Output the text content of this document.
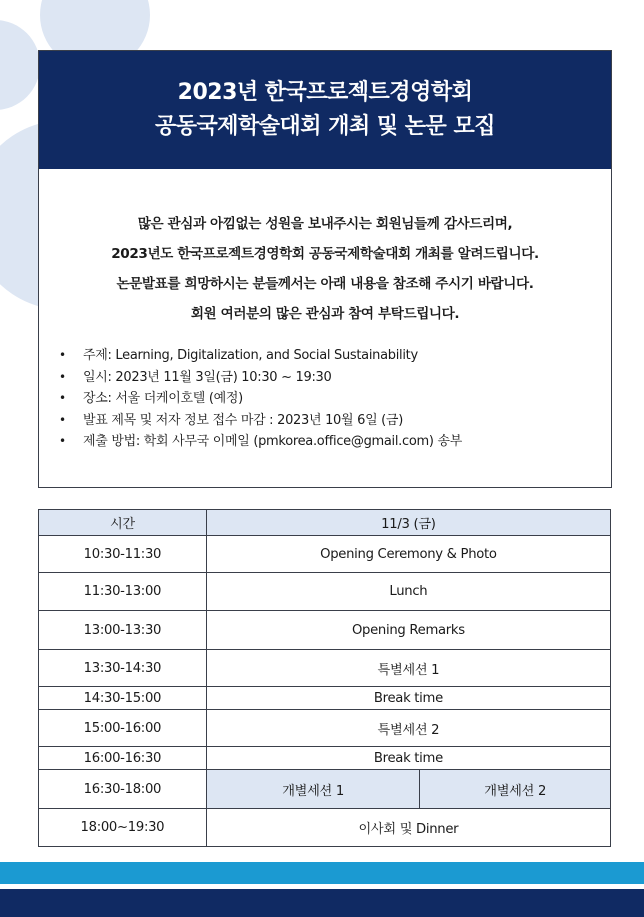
2023년 한국프로젝트경영학회
공동국제학술대회 개최 및 논문 모집
많은 관심과 아낌없는 성원을 보내주시는 회원님들께 감사드리며,
2023년도 한국프로젝트경영학회 공동국제학술대회 개최를 알려드립니다.
논문발표를 희망하시는 분들께서는 아래 내용을 참조해 주시기 바랍니다.
회원 여러분의 많은 관심과 참여 부탁드립니다.
• 주제: Learning, Digitalization, and Social Sustainability
• 일시: 2023년 11월 3일(금) 10:30 ~ 19:30
• 장소: 서울 더케이호텔 (예정)
• 발표 제목 및 저자 정보 접수 마감 : 2023년 10월 6일 (금)
• 제출 방법: 학회 사무국 이메일 (pmkorea.office@gmail.com) 송부
시간	11/3 (금)	
10:30-11:30	Opening Ceremony & Photo	
11:30-13:00	Lunch	
13:00-13:30	Opening Remarks	
13:30-14:30	특별세션 1	
14:30-15:00	Break time	
15:00-16:00	특별세션 2	
16:00-16:30	Break time	
16:30-18:00	개별세션 1	개별세션 2
18:00~19:30	이사회 및 Dinner	
